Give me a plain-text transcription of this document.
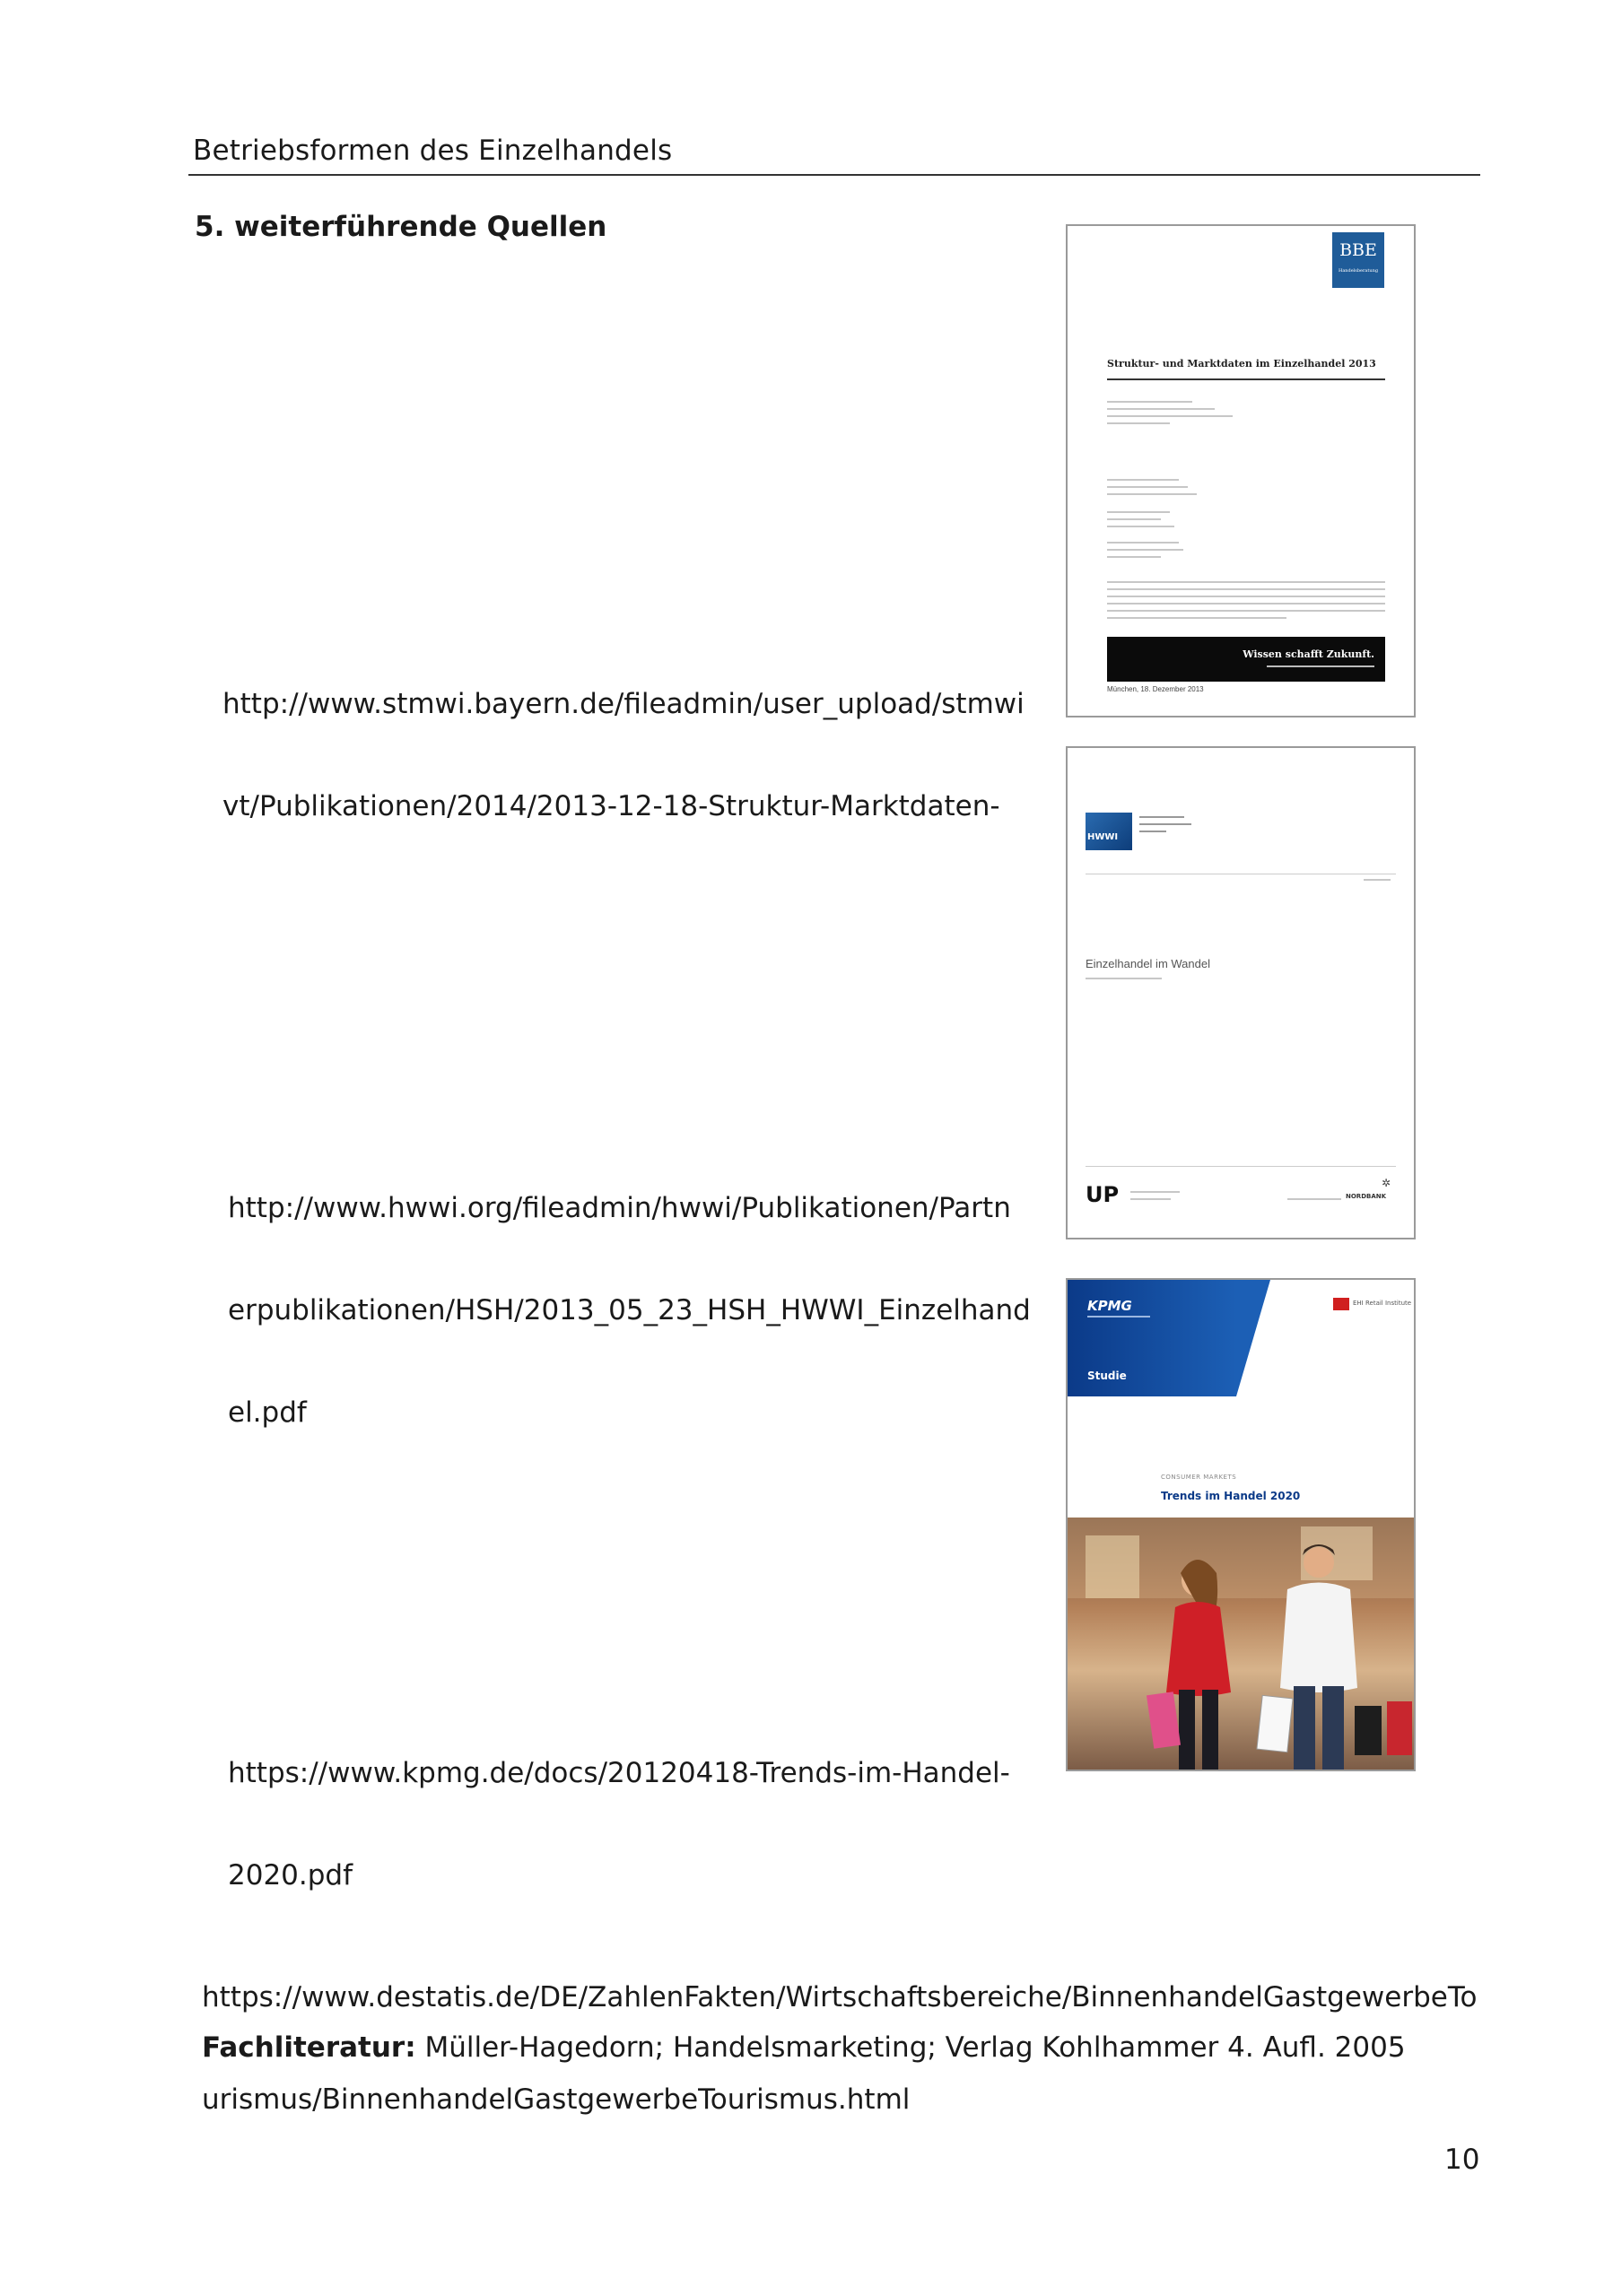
Betriebsformen des Einzelhandels
5. weiterführende Quellen

http://www.stmwi.bayern.de/fileadmin/user_upload/stmwi

vt/Publikationen/2014/2013-12-18-Struktur-Marktdaten-

BBE
Handelsberatung
Struktur- und Marktdaten im Einzelhandel 2013
Wissen schafft Zukunft.
München, 18. Dezember 2013

http://www.hwwi.org/fileadmin/hwwi/Publikationen/Partn

erpublikationen/HSH/2013_05_23_HSH_HWWI_Einzelhand

el.pdf

HWWI
Einzelhandel im Wandel
UP	NORDBANK
✲

https://www.kpmg.de/docs/20120418-Trends-im-Handel-

2020.pdf

KPMG
Studie
EHI Retail Institute
CONSUMER MARKETS
Trends im Handel 2020

https://www.destatis.de/DE/ZahlenFakten/Wirtschaftsbereiche/BinnenhandelGastgewerbeTo

urismus/BinnenhandelGastgewerbeTourismus.html

Fachliteratur: Müller-Hagedorn; Handelsmarketing; Verlag Kohlhammer 4. Aufl. 2005
10
